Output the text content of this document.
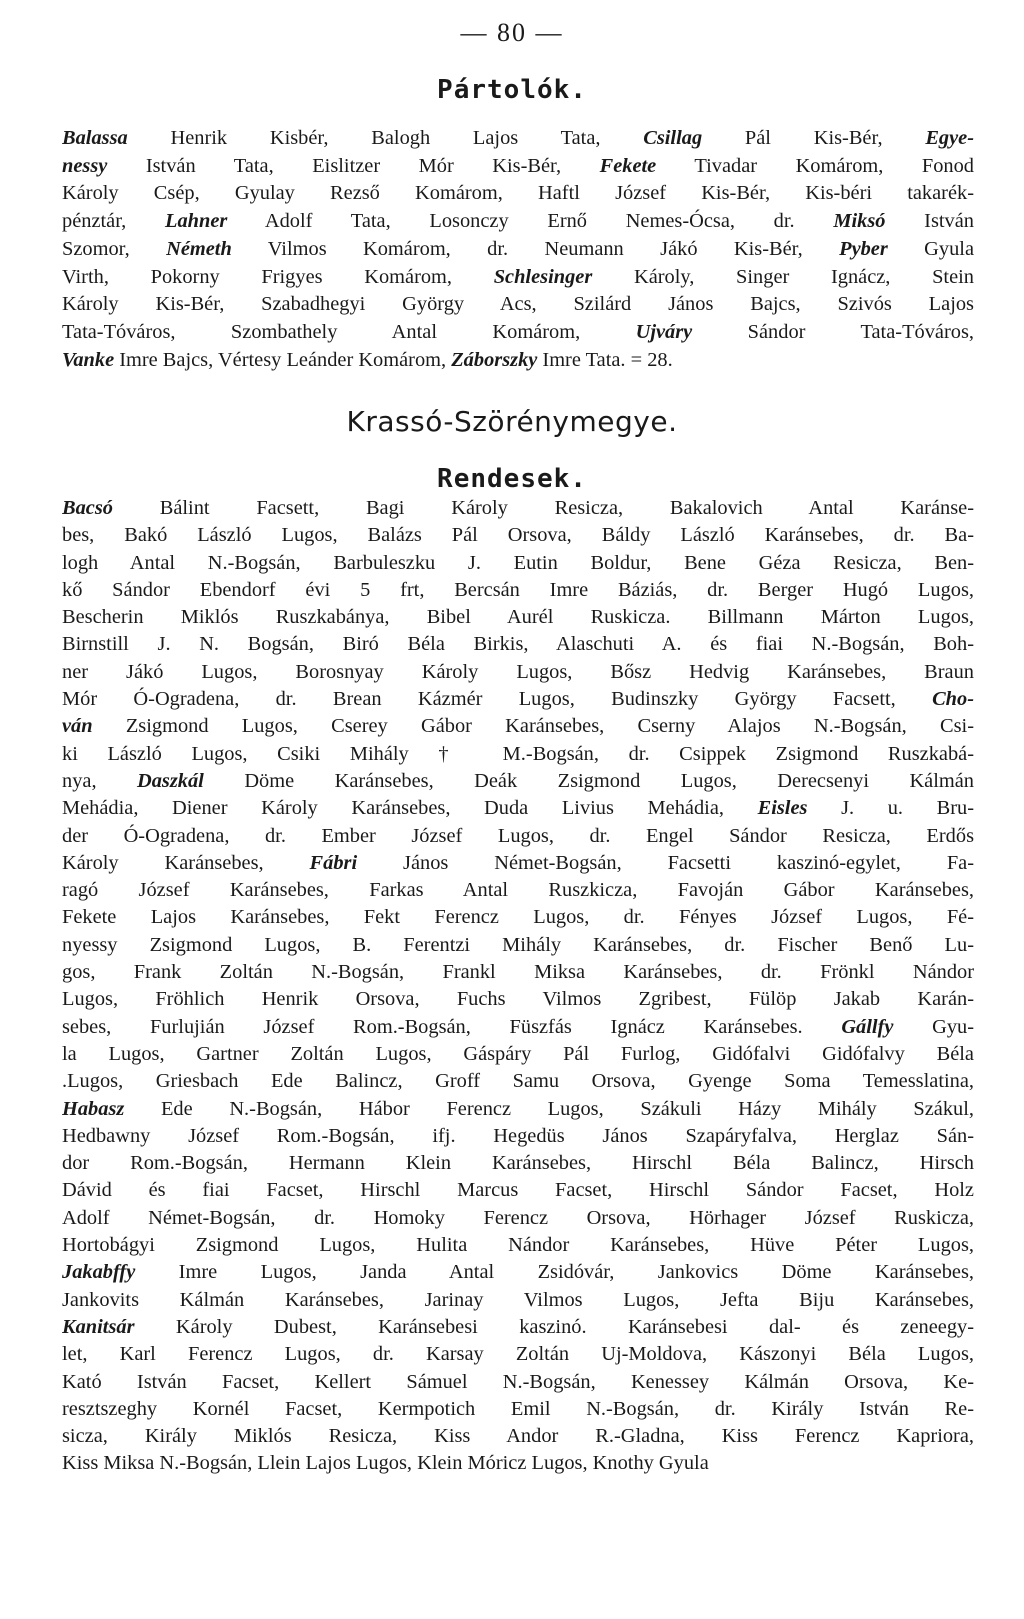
— 80 —
Pártolók.
Balassa Henrik Kisbér, Balogh Lajos Tata, Csillag Pál Kis-Bér, Egye-
nessy István Tata, Eislitzer Mór Kis-Bér, Fekete Tivadar Komárom, Fonod
Károly Csép, Gyulay Rezső Komárom, Haftl József Kis-Bér, Kis-béri takarék-
pénztár, Lahner Adolf Tata, Losonczy Ernő Nemes-Ócsa, dr. Miksó István
Szomor, Németh Vilmos Komárom, dr. Neumann Jákó Kis-Bér, Pyber Gyula
Virth, Pokorny Frigyes Komárom, Schlesinger Károly, Singer Ignácz, Stein
Károly Kis-Bér, Szabadhegyi György Acs, Szilárd János Bajcs, Szivós Lajos
Tata-Tóváros, Szombathely Antal Komárom, Ujváry Sándor Tata-Tóváros,
Vanke Imre Bajcs, Vértesy Leánder Komárom, Záborszky Imre Tata. = 28.
Krassó-Szörénymegye.
Rendesek.
Bacsó Bálint Facsett, Bagi Károly Resicza, Bakalovich Antal Karánse-
bes, Bakó László Lugos, Balázs Pál Orsova, Báldy László Karánsebes, dr. Ba-
logh Antal N.-Bogsán, Barbuleszku J. Eutin Boldur, Bene Géza Resicza, Ben-
kő Sándor Ebendorf évi 5 frt, Bercsán Imre Báziás, dr. Berger Hugó Lugos,
Bescherin Miklós Ruszkabánya, Bibel Aurél Ruskicza. Billmann Márton Lugos,
Birnstill J. N. Bogsán, Biró Béla Birkis, Alaschuti A. és fiai N.-Bogsán, Boh-
ner Jákó Lugos, Borosnyay Károly Lugos, Bősz Hedvig Karánsebes, Braun
Mór Ó-Ogradena, dr. Brean Kázmér Lugos, Budinszky György Facsett, Cho-
ván Zsigmond Lugos, Cserey Gábor Karánsebes, Cserny Alajos N.-Bogsán, Csi-
ki László Lugos, Csiki Mihály † M.-Bogsán, dr. Csippek Zsigmond Ruszkabá-
nya, Daszkál Döme Karánsebes, Deák Zsigmond Lugos, Derecsenyi Kálmán
Mehádia, Diener Károly Karánsebes, Duda Livius Mehádia, Eisles J. u. Bru-
der Ó-Ogradena, dr. Ember József Lugos, dr. Engel Sándor Resicza, Erdős
Károly Karánsebes, Fábri János Német-Bogsán, Facsetti kaszinó-egylet, Fa-
ragó József Karánsebes, Farkas Antal Ruszkicza, Favoján Gábor Karánsebes,
Fekete Lajos Karánsebes, Fekt Ferencz Lugos, dr. Fényes József Lugos, Fé-
nyessy Zsigmond Lugos, B. Ferentzi Mihály Karánsebes, dr. Fischer Benő Lu-
gos, Frank Zoltán N.-Bogsán, Frankl Miksa Karánsebes, dr. Frönkl Nándor
Lugos, Fröhlich Henrik Orsova, Fuchs Vilmos Zgribest, Fülöp Jakab Karán-
sebes, Furlujián József Rom.-Bogsán, Füszfás Ignácz Karánsebes. Gállfy Gyu-
la Lugos, Gartner Zoltán Lugos, Gáspáry Pál Furlog, Gidófalvi Gidófalvy Béla
.Lugos, Griesbach Ede Balincz, Groff Samu Orsova, Gyenge Soma Temesslatina,
Habasz Ede N.-Bogsán, Hábor Ferencz Lugos, Szákuli Házy Mihály Szákul,
Hedbawny József Rom.-Bogsán, ifj. Hegedüs János Szapáryfalva, Herglaz Sán-
dor Rom.-Bogsán, Hermann Klein Karánsebes, Hirschl Béla Balincz, Hirsch
Dávid és fiai Facset, Hirschl Marcus Facset, Hirschl Sándor Facset, Holz
Adolf Német-Bogsán, dr. Homoky Ferencz Orsova, Hörhager József Ruskicza,
Hortobágyi Zsigmond Lugos, Hulita Nándor Karánsebes, Hüve Péter Lugos,
Jakabffy Imre Lugos, Janda Antal Zsidóvár, Jankovics Döme Karánsebes,
Jankovits Kálmán Karánsebes, Jarinay Vilmos Lugos, Jefta Biju Karánsebes,
Kanitsár Károly Dubest, Karánsebesi kaszinó. Karánsebesi dal- és zeneegy-
let, Karl Ferencz Lugos, dr. Karsay Zoltán Uj-Moldova, Kászonyi Béla Lugos,
Kató István Facset, Kellert Sámuel N.-Bogsán, Kenessey Kálmán Orsova, Ke-
resztszeghy Kornél Facset, Kermpotich Emil N.-Bogsán, dr. Király István Re-
sicza, Király Miklós Resicza, Kiss Andor R.-Gladna, Kiss Ferencz Kapriora,
Kiss Miksa N.-Bogsán, Llein Lajos Lugos, Klein Móricz Lugos, Knothy Gyula
